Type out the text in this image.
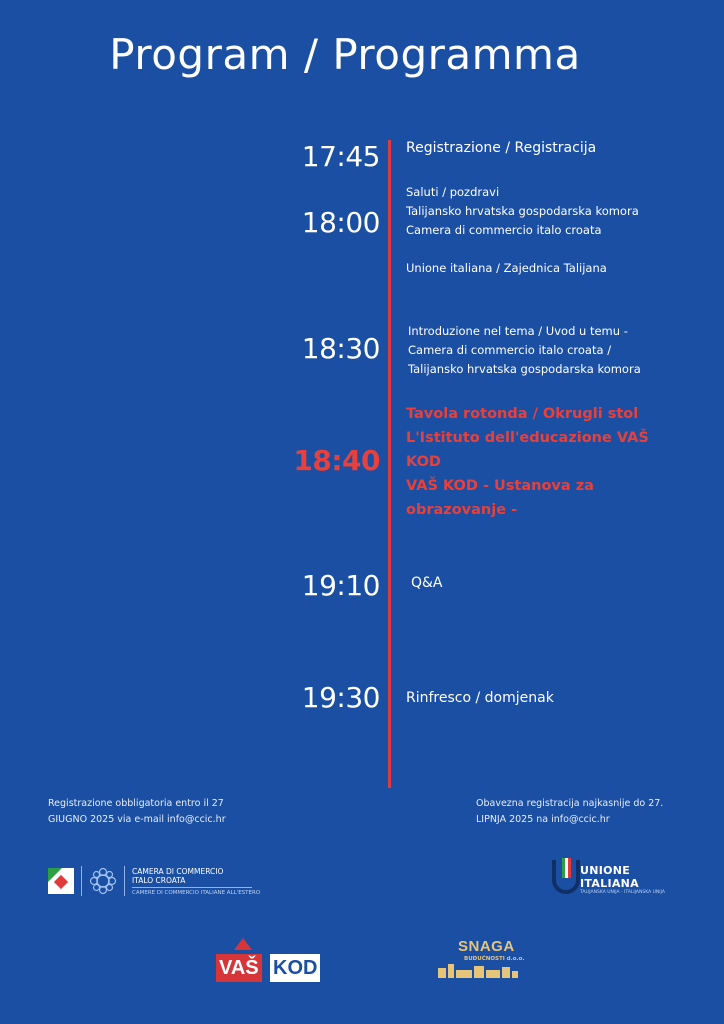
Program / Programma
17:45 Registrazione / Registracija
18:00
Saluti / pozdravi
Talijansko hrvatska gospodarska komora
Camera di commercio italo croata
Unione italiana / Zajednica Talijana
18:30
Introduzione nel tema / Uvod u temu -
Camera di commercio italo croata /
Talijansko hrvatska gospodarska komora
18:40
Tavola rotonda / Okrugli stol
L'Istituto dell'educazione VAŠ KOD
VAŠ KOD - Ustanova za obrazovanje -
19:10 Q&A
19:30 Rinfresco / domjenak
Registrazione obbligatoria entro il 27
GIUGNO 2025 via e-mail info@ccic.hr
Obavezna registracija najkasnije do 27.
LIPNJA 2025 na info@ccic.hr
CAMERA DI COMMERCIO
ITALO CROATA
CAMERE DI COMMERCIO ITALIANE ALL'ESTERO
UNIONE ITALIANA
TALIJANSKA UNIJA - ITALIJANSKA UNIJA
VAŠ KOD
SNAGA
BUDUĆNOSTI d.o.o.
